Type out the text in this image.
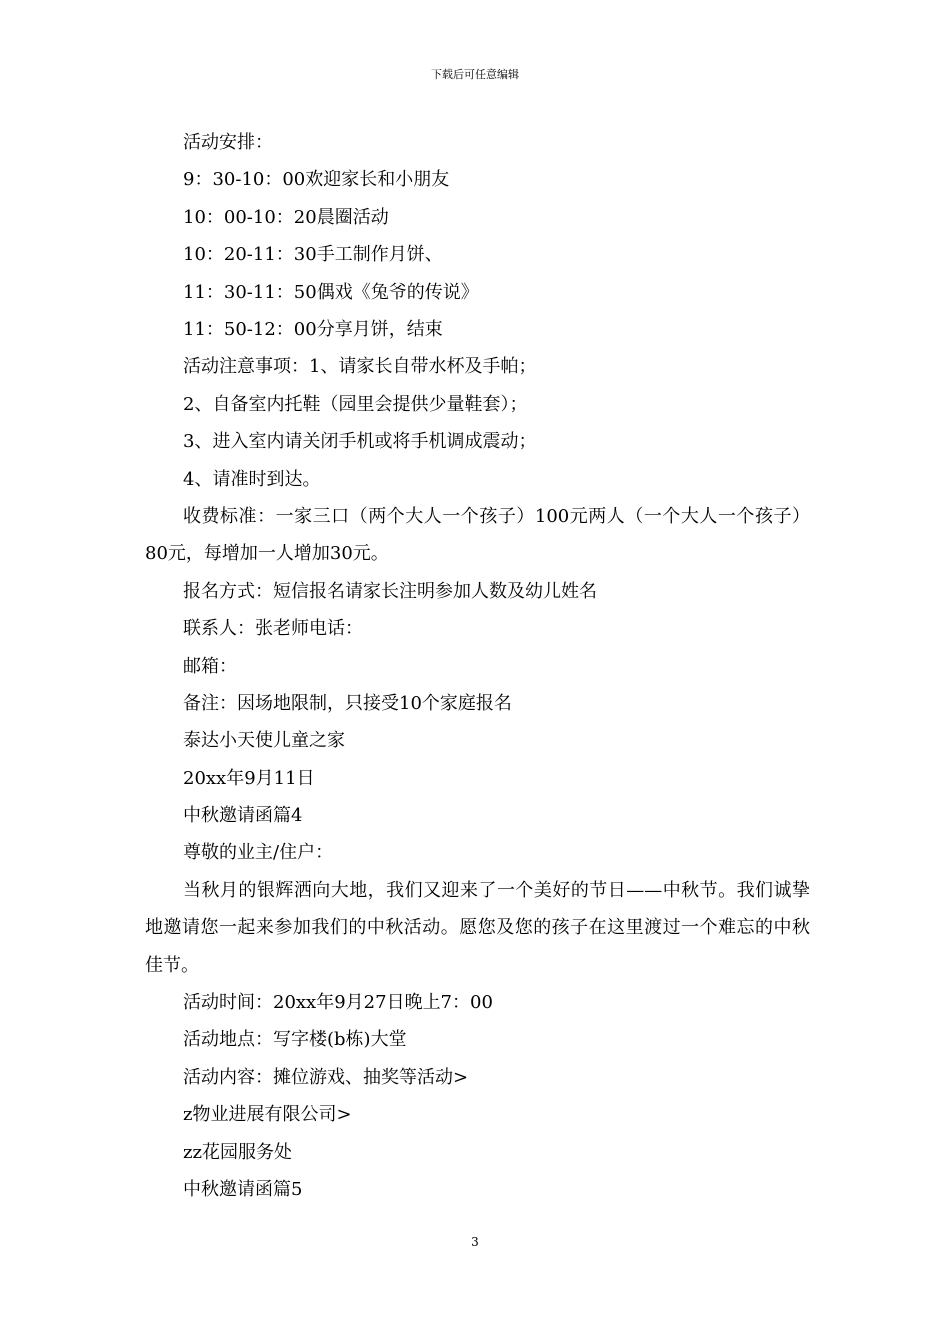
下载后可任意编辑
活动安排：
9：30-10：00欢迎家长和小朋友
10：00-10：20晨圈活动
10：20-11：30手工制作月饼、
11：30-11：50偶戏《兔爷的传说》
11：50-12：00分享月饼，结束
活动注意事项：1、请家长自带水杯及手帕；
2、自备室内托鞋（园里会提供少量鞋套）；
3、进入室内请关闭手机或将手机调成震动；
4、请准时到达。

收费标准：一家三口（两个大人一个孩子）100元两人（一个大人一个孩子）80元，每增加一人增加30元。

报名方式：短信报名请家长注明参加人数及幼儿姓名
联系人：张老师电话：
邮箱：
备注：因场地限制，只接受10个家庭报名
泰达小天使儿童之家
20xx年9月11日
中秋邀请函篇4
尊敬的业主/住户：

当秋月的银辉洒向大地，我们又迎来了一个美好的节日——中秋节。我们诚挚地邀请您一起来参加我们的中秋活动。愿您及您的孩子在这里渡过一个难忘的中秋佳节。

活动时间：20xx年9月27日晚上7：00
活动地点：写字楼(b栋)大堂
活动内容：摊位游戏、抽奖等活动>
z物业进展有限公司>
zz花园服务处
中秋邀请函篇5
3
